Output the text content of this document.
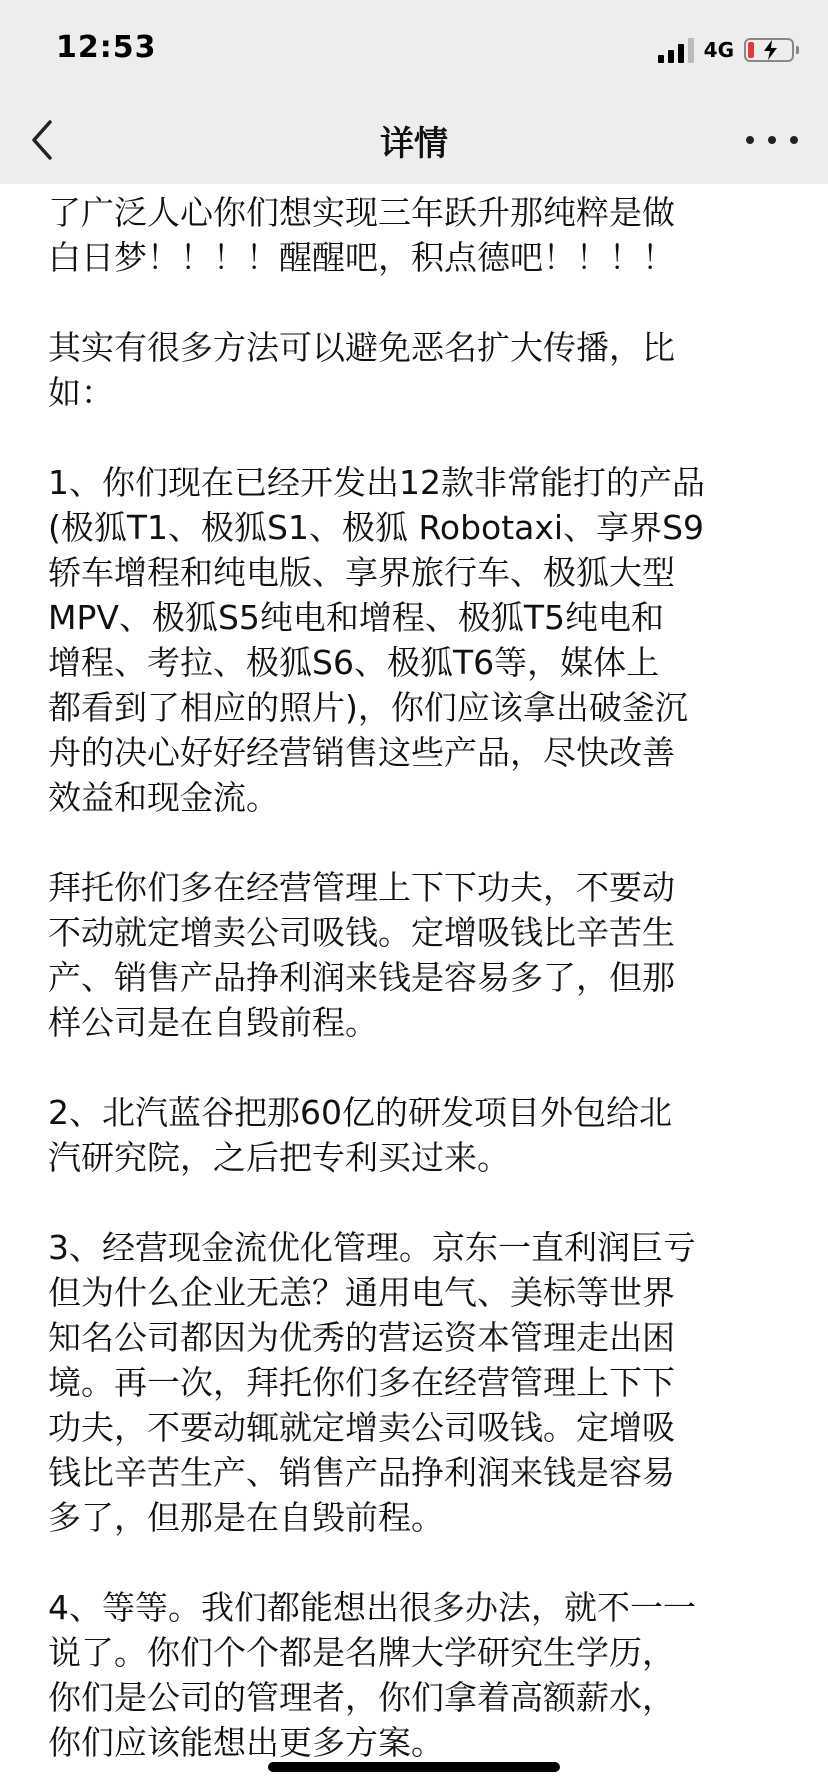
12:53	4G
详情

了广泛人心你们想实现三年跃升那纯粹是做
白日梦！！！！醒醒吧，积点德吧！！！！

其实有很多方法可以避免恶名扩大传播，比
如：

1、你们现在已经开发出12款非常能打的产品
(极狐T1、极狐S1、极狐 Robotaxi、享界S9
轿车增程和纯电版、享界旅行车、极狐大型
MPV、极狐S5纯电和增程、极狐T5纯电和
增程、考拉、极狐S6、极狐T6等，媒体上
都看到了相应的照片)，你们应该拿出破釜沉
舟的决心好好经营销售这些产品，尽快改善
效益和现金流。

拜托你们多在经营管理上下下功夫，不要动
不动就定增卖公司吸钱。定增吸钱比辛苦生
产、销售产品挣利润来钱是容易多了，但那
样公司是在自毁前程。

2、北汽蓝谷把那60亿的研发项目外包给北
汽研究院，之后把专利买过来。

3、经营现金流优化管理。京东一直利润巨亏
但为什么企业无恙？通用电气、美标等世界
知名公司都因为优秀的营运资本管理走出困
境。再一次，拜托你们多在经营管理上下下
功夫，不要动辄就定增卖公司吸钱。定增吸
钱比辛苦生产、销售产品挣利润来钱是容易
多了，但那是在自毁前程。

4、等等。我们都能想出很多办法，就不一一
说了。你们个个都是名牌大学研究生学历，
你们是公司的管理者，你们拿着高额薪水，
你们应该能想出更多方案。
